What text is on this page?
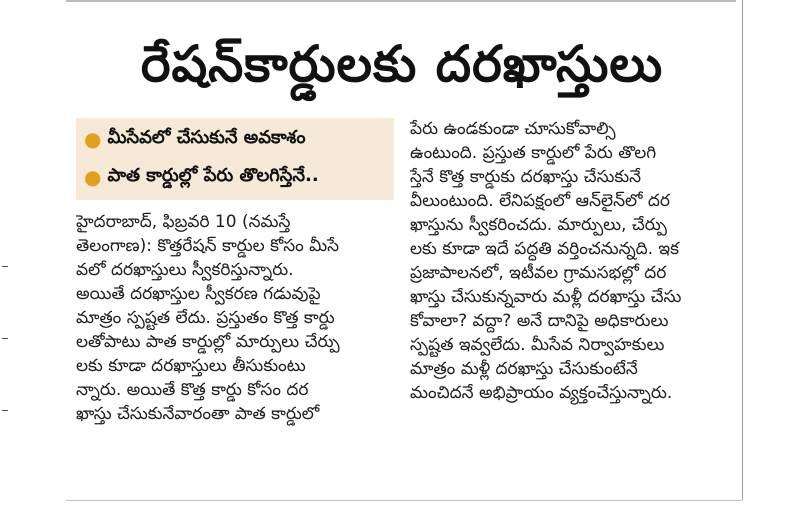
రేషన్‌కార్డులకు దరఖాస్తులు
● మీసేవలో చేసుకునే అవకాశం
● పాత కార్డుల్లో పేరు తొలగిస్తేనే..
హైదరాబాద్, ఫిబ్రవరి 10 (నమస్తే
తెలంగాణ): కొత్తరేషన్ కార్డుల కోసం మీసే
వలో దరఖాస్తులు స్వీకరిస్తున్నారు.
అయితే దరఖాస్తుల స్వీకరణ గడువుపై
మాత్రం స్పష్టత లేదు. ప్రస్తుతం కొత్త కార్డు
లతోపాటు పాత కార్డుల్లో మార్పులు చేర్పు
లకు కూడా దరఖాస్తులు తీసుకుంటు
న్నారు. అయితే కొత్త కార్డు కోసం దర
ఖాస్తు చేసుకునేవారంతా పాత కార్డులో
పేరు ఉండకుండా చూసుకోవాల్సి
ఉంటుంది. ప్రస్తుత కార్డులో పేరు తొలగి
స్తేనే కొత్త కార్డుకు దరఖాస్తు చేసుకునే
వీలుంటుంది. లేనిపక్షంలో ఆన్‌లైన్‌లో దర
ఖాస్తును స్వీకరించదు. మార్పులు, చేర్పు
లకు కూడా ఇదే పద్ధతి వర్తించనున్నది. ఇక
ప్రజాపాలనలో, ఇటీవల గ్రామసభల్లో దర
ఖాస్తు చేసుకున్నవారు మళ్లీ దరఖాస్తు చేసు
కోవాలా? వద్దా? అనే దానిపై అధికారులు
స్పష్టత ఇవ్వలేదు. మీసేవ నిర్వాహకులు
మాత్రం మళ్లీ దరఖాస్తు చేసుకుంటేనే
మంచిదనే అభిప్రాయం వ్యక్తంచేస్తున్నారు.
